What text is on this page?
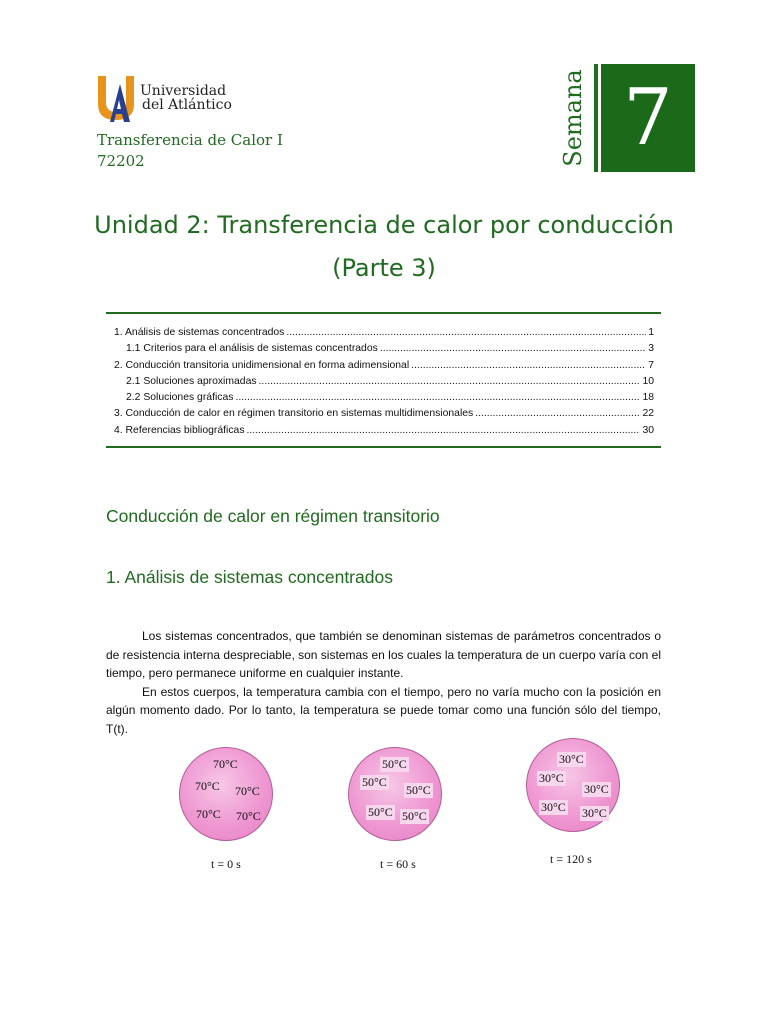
Universidad
del Atlántico
Transferencia de Calor I
72202	Semana 7
Unidad 2: Transferencia de calor por conducción
(Parte 3)
1. Análisis de sistemas concentrados .....	1
1.1 Criterios para el análisis de sistemas concentrados .....	3
2. Conducción transitoria unidimensional en forma adimensional .....	7
2.1 Soluciones aproximadas .....	10
2.2 Soluciones gráficas .....	18
3. Conducción de calor en régimen transitorio en sistemas multidimensionales .....	22
4. Referencias bibliográficas .....	30
Conducción de calor en régimen transitorio
1. Análisis de sistemas concentrados

Los sistemas concentrados, que también se denominan sistemas de parámetros concentrados o de resistencia interna despreciable, son sistemas en los cuales la temperatura de un cuerpo varía con el tiempo, pero permanece uniforme en cualquier instante.

En estos cuerpos, la temperatura cambia con el tiempo, pero no varía mucho con la posición en algún momento dado. Por lo tanto, la temperatura se puede tomar como una función sólo del tiempo, T(t).

70°C
70°C 70°C
70°C 70°C
t = 0 s
50°C
50°C
50°C
50°C 50°C
t = 60 s
30°C
30°C
30°C
30°C 30°C
t = 120 s
